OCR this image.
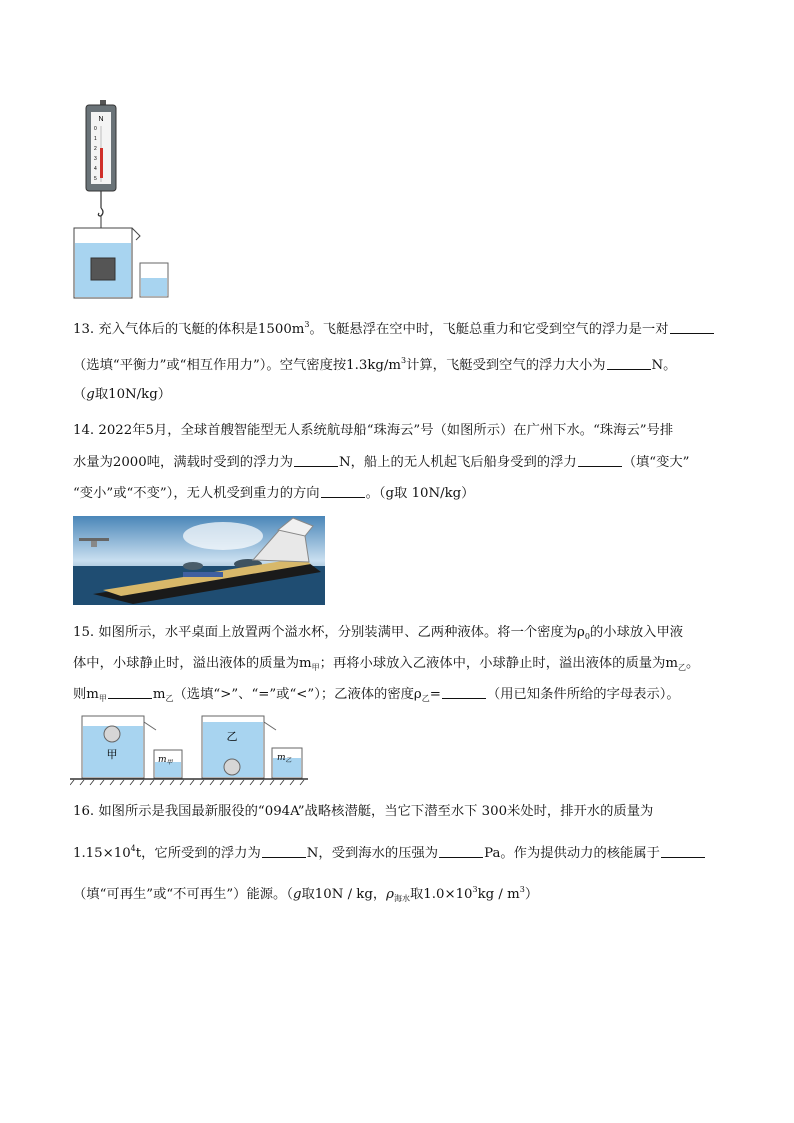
N
0
1
2
3
4
5
13. 充入气体后的飞艇的体积是$1500m^3$。飞艇悬浮在空中时，飞艇总重力和它受到空气的浮力是一对
（选填“平衡力”或“相互作用力”）。空气密度按$1.3kg/m^3$计算，飞艇受到空气的浮力大小为	N。
（g取10N/kg）
14. 2022年5月，全球首艘智能型无人系统航母船“珠海云”号（如图所示）在广州下水。“珠海云”号排
水量为2000吨，满载时受到的浮力为	N，船上的无人机起飞后船身受到的浮力	（填“变大”
“变小”或“不变”），无人机受到重力的方向	。（g取 10N/kg）
15. 如图所示，水平桌面上放置两个溢水杯，分别装满甲、乙两种液体。将一个密度为$\rho_0$的小球放入甲液
体中，小球静止时，溢出液体的质量为$m_甲$；再将小球放入乙液体中，小球静止时，溢出液体的质量为$m_乙$。
则$m_甲$	$m_乙$（选填“>”、“=”或“<”）；乙液体的密度$\rho_乙=$	（用已知条件所给的字母表示）。
甲	$m_甲$
乙
$m_乙$
16. 如图所示是我国最新服役的“094A”战略核潜艇，当它下潜至水下 300米处时，排开水的质量为
$1.15\times 10^4t$，它所受到的浮力为	N，受到海水的压强为	Pa。作为提供动力的核能属于
（填“可再生”或“不可再生”）能源。（g取10N / kg，$\rho_{海水}$取$1.0\times 10^3kg / m^3$）
